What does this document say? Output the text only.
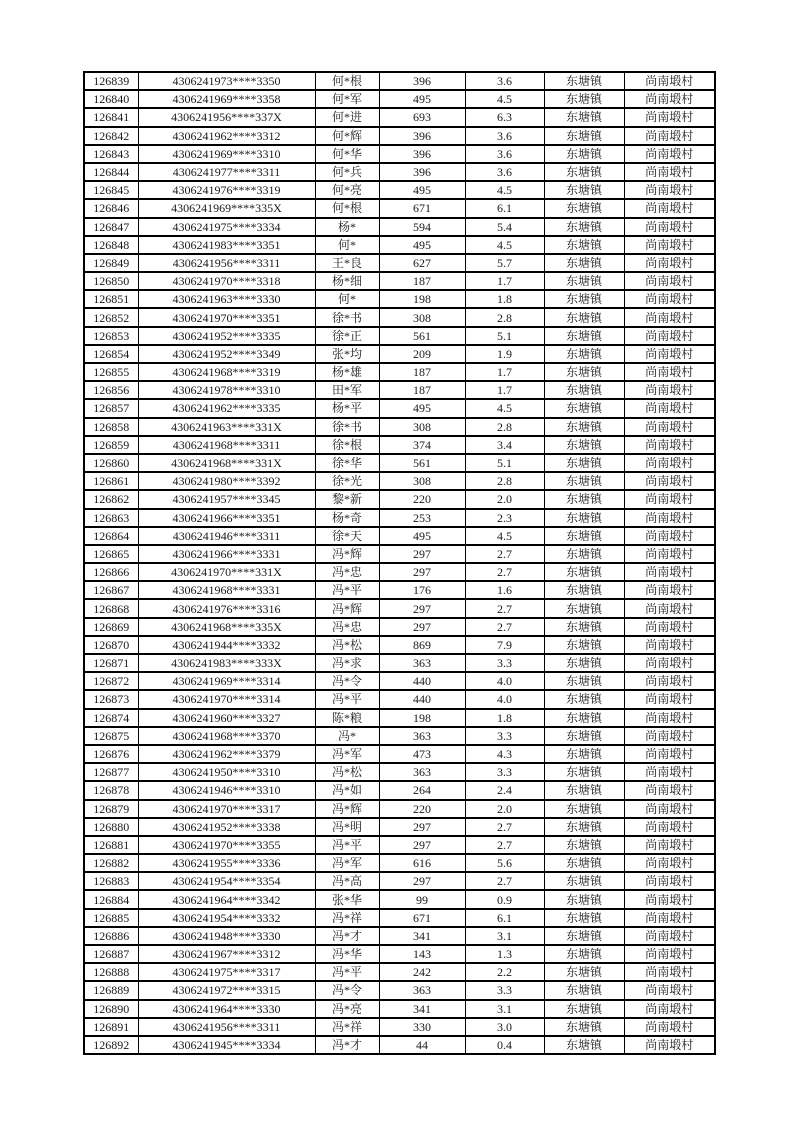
126839	4306241973****3350	何*根	396	3.6	东塘镇	尚南塅村
126840	4306241969****3358	何*军	495	4.5	东塘镇	尚南塅村
126841	4306241956****337X	何*进	693	6.3	东塘镇	尚南塅村
126842	4306241962****3312	何*辉	396	3.6	东塘镇	尚南塅村
126843	4306241969****3310	何*华	396	3.6	东塘镇	尚南塅村
126844	4306241977****3311	何*兵	396	3.6	东塘镇	尚南塅村
126845	4306241976****3319	何*亮	495	4.5	东塘镇	尚南塅村
126846	4306241969****335X	何*根	671	6.1	东塘镇	尚南塅村
126847	4306241975****3334	杨*	594	5.4	东塘镇	尚南塅村
126848	4306241983****3351	何*	495	4.5	东塘镇	尚南塅村
126849	4306241956****3311	王*良	627	5.7	东塘镇	尚南塅村
126850	4306241970****3318	杨*细	187	1.7	东塘镇	尚南塅村
126851	4306241963****3330	何*	198	1.8	东塘镇	尚南塅村
126852	4306241970****3351	徐*书	308	2.8	东塘镇	尚南塅村
126853	4306241952****3335	徐*正	561	5.1	东塘镇	尚南塅村
126854	4306241952****3349	张*均	209	1.9	东塘镇	尚南塅村
126855	4306241968****3319	杨*雄	187	1.7	东塘镇	尚南塅村
126856	4306241978****3310	田*军	187	1.7	东塘镇	尚南塅村
126857	4306241962****3335	杨*平	495	4.5	东塘镇	尚南塅村
126858	4306241963****331X	徐*书	308	2.8	东塘镇	尚南塅村
126859	4306241968****3311	徐*根	374	3.4	东塘镇	尚南塅村
126860	4306241968****331X	徐*华	561	5.1	东塘镇	尚南塅村
126861	4306241980****3392	徐*光	308	2.8	东塘镇	尚南塅村
126862	4306241957****3345	黎*新	220	2.0	东塘镇	尚南塅村
126863	4306241966****3351	杨*奇	253	2.3	东塘镇	尚南塅村
126864	4306241946****3311	徐*天	495	4.5	东塘镇	尚南塅村
126865	4306241966****3331	冯*辉	297	2.7	东塘镇	尚南塅村
126866	4306241970****331X	冯*忠	297	2.7	东塘镇	尚南塅村
126867	4306241968****3331	冯*平	176	1.6	东塘镇	尚南塅村
126868	4306241976****3316	冯*辉	297	2.7	东塘镇	尚南塅村
126869	4306241968****335X	冯*忠	297	2.7	东塘镇	尚南塅村
126870	4306241944****3332	冯*松	869	7.9	东塘镇	尚南塅村
126871	4306241983****333X	冯*求	363	3.3	东塘镇	尚南塅村
126872	4306241969****3314	冯*令	440	4.0	东塘镇	尚南塅村
126873	4306241970****3314	冯*平	440	4.0	东塘镇	尚南塅村
126874	4306241960****3327	陈*粮	198	1.8	东塘镇	尚南塅村
126875	4306241968****3370	冯*	363	3.3	东塘镇	尚南塅村
126876	4306241962****3379	冯*军	473	4.3	东塘镇	尚南塅村
126877	4306241950****3310	冯*松	363	3.3	东塘镇	尚南塅村
126878	4306241946****3310	冯*如	264	2.4	东塘镇	尚南塅村
126879	4306241970****3317	冯*辉	220	2.0	东塘镇	尚南塅村
126880	4306241952****3338	冯*明	297	2.7	东塘镇	尚南塅村
126881	4306241970****3355	冯*平	297	2.7	东塘镇	尚南塅村
126882	4306241955****3336	冯*军	616	5.6	东塘镇	尚南塅村
126883	4306241954****3354	冯*高	297	2.7	东塘镇	尚南塅村
126884	4306241964****3342	张*华	99	0.9	东塘镇	尚南塅村
126885	4306241954****3332	冯*祥	671	6.1	东塘镇	尚南塅村
126886	4306241948****3330	冯*才	341	3.1	东塘镇	尚南塅村
126887	4306241967****3312	冯*华	143	1.3	东塘镇	尚南塅村
126888	4306241975****3317	冯*平	242	2.2	东塘镇	尚南塅村
126889	4306241972****3315	冯*令	363	3.3	东塘镇	尚南塅村
126890	4306241964****3330	冯*亮	341	3.1	东塘镇	尚南塅村
126891	4306241956****3311	冯*祥	330	3.0	东塘镇	尚南塅村
126892	4306241945****3334	冯*才	44	0.4	东塘镇	尚南塅村
